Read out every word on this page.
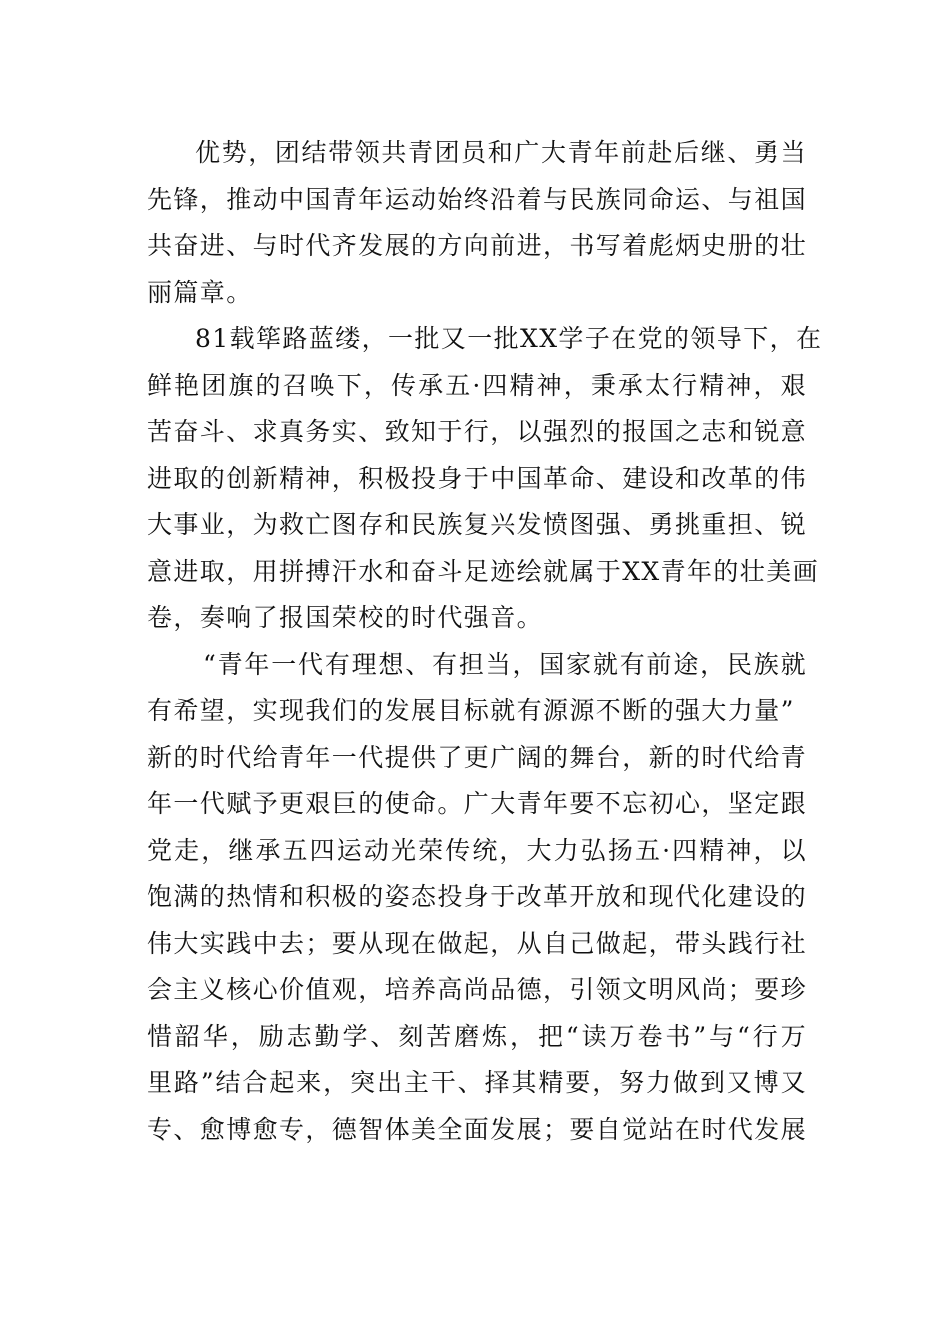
优势，团结带领共青团员和广大青年前赴后继、勇当
先锋，推动中国青年运动始终沿着与民族同命运、与祖国
共奋进、与时代齐发展的方向前进，书写着彪炳史册的壮
丽篇章。
81载筚路蓝缕，一批又一批XX学子在党的领导下，在
鲜艳团旗的召唤下，传承五·四精神，秉承太行精神，艰
苦奋斗、求真务实、致知于行，以强烈的报国之志和锐意
进取的创新精神，积极投身于中国革命、建设和改革的伟
大事业，为救亡图存和民族复兴发愤图强、勇挑重担、锐
意进取，用拼搏汗水和奋斗足迹绘就属于XX青年的壮美画
卷，奏响了报国荣校的时代强音。
“青年一代有理想、有担当，国家就有前途，民族就
有希望，实现我们的发展目标就有源源不断的强大力量”
新的时代给青年一代提供了更广阔的舞台，新的时代给青
年一代赋予更艰巨的使命。广大青年要不忘初心，坚定跟
党走，继承五四运动光荣传统，大力弘扬五·四精神，以
饱满的热情和积极的姿态投身于改革开放和现代化建设的
伟大实践中去；要从现在做起，从自己做起，带头践行社
会主义核心价值观，培养高尚品德，引领文明风尚；要珍
惜韶华，励志勤学、刻苦磨炼，把“读万卷书”与“行万
里路”结合起来，突出主干、择其精要，努力做到又博又
专、愈博愈专，德智体美全面发展；要自觉站在时代发展
